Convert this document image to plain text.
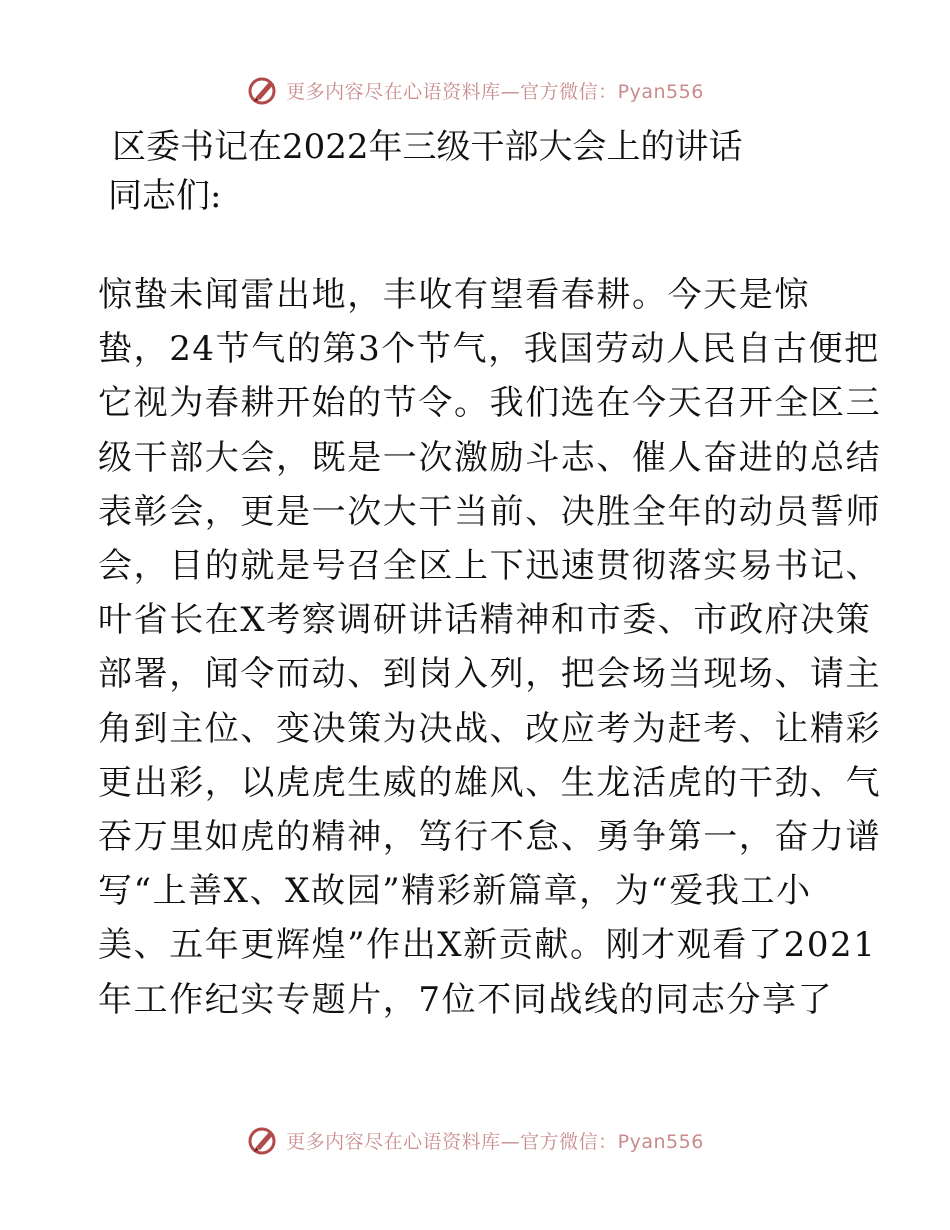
更多内容尽在心语资料库—官方微信：Pyan556
区委书记在2022年三级干部大会上的讲话
同志们:
惊蛰未闻雷出地，丰收有望看春耕。今天是惊
蛰，24节气的第3个节气，我国劳动人民自古便把
它视为春耕开始的节令。我们选在今天召开全区三
级干部大会，既是一次激励斗志、催人奋进的总结
表彰会，更是一次大干当前、决胜全年的动员誓师
会，目的就是号召全区上下迅速贯彻落实易书记、
叶省长在X考察调研讲话精神和市委、市政府决策
部署，闻令而动、到岗入列，把会场当现场、请主
角到主位、变决策为决战、改应考为赶考、让精彩
更出彩，以虎虎生威的雄风、生龙活虎的干劲、气
吞万里如虎的精神，笃行不怠、勇争第一，奋力谱
写“上善X、X故园”精彩新篇章，为“爱我工小
美、五年更辉煌”作出X新贡献。刚才观看了2021
年工作纪实专题片，7位不同战线的同志分享了
更多内容尽在心语资料库—官方微信：Pyan556
